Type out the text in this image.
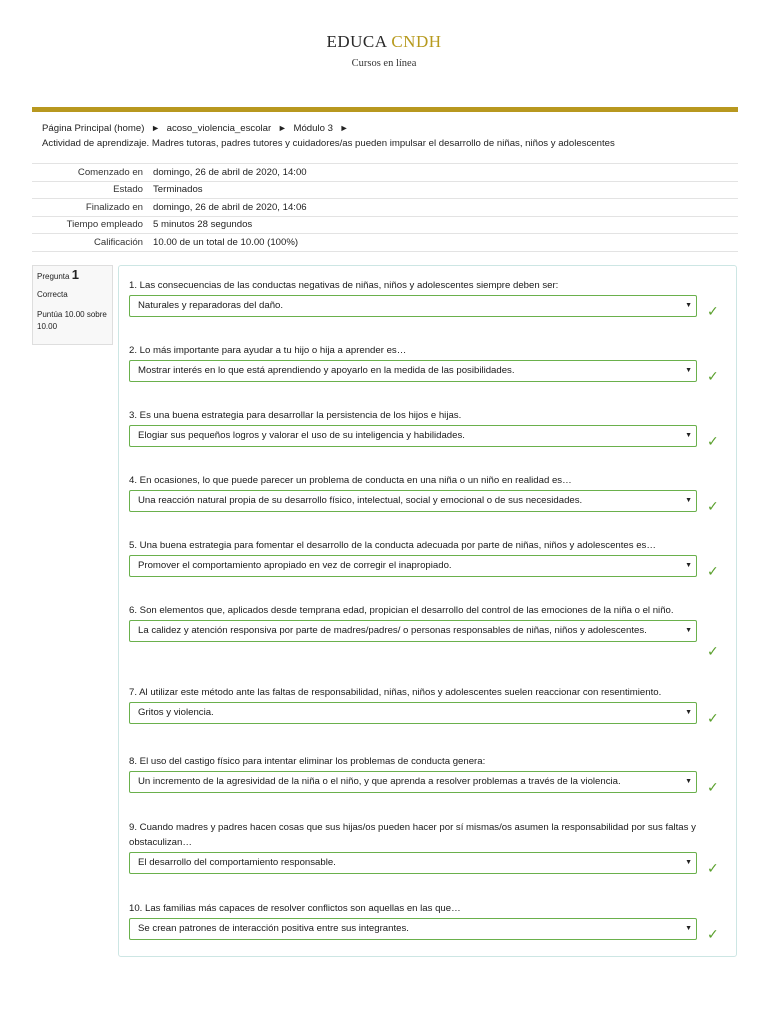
EDUCA CNDH
Cursos en línea
Página Principal (home) ► acoso_violencia_escolar ► Módulo 3 ►
Actividad de aprendizaje. Madres tutoras, padres tutores y cuidadores/as pueden impulsar el desarrollo de niñas, niños y adolescentes
Comenzado en	domingo, 26 de abril de 2020, 14:00
Estado	Terminados
Finalizado en	domingo, 26 de abril de 2020, 14:06
Tiempo empleado	5 minutos 28 segundos
Calificación	10.00 de un total de 10.00 (100%)
Pregunta 1
Correcta
Puntúa 10.00 sobre 10.00
1. Las consecuencias de las conductas negativas de niñas, niños y adolescentes siempre deben ser:
Naturales y reparadoras del daño.	▼ ✓
2. Lo más importante para ayudar a tu hijo o hija a aprender es…
Mostrar interés en lo que está aprendiendo y apoyarlo en la medida de las posibilidades.	▼ ✓
3. Es una buena estrategia para desarrollar la persistencia de los hijos e hijas.
Elogiar sus pequeños logros y valorar el uso de su inteligencia y habilidades.	▼ ✓
4. En ocasiones, lo que puede parecer un problema de conducta en una niña o un niño en realidad es…
Una reacción natural propia de su desarrollo físico, intelectual, social y emocional o de sus necesidades.	▼ ✓
5. Una buena estrategia para fomentar el desarrollo de la conducta adecuada por parte de niñas, niños y adolescentes es…
Promover el comportamiento apropiado en vez de corregir el inapropiado.	▼ ✓
6. Son elementos que, aplicados desde temprana edad, propician el desarrollo del control de las emociones de la niña o el niño.
La calidez y atención responsiva por parte de madres/padres/ o personas responsables de niñas, niños y adolescentes.	▼
✓
7. Al utilizar este método ante las faltas de responsabilidad, niñas, niños y adolescentes suelen reaccionar con resentimiento.
Gritos y violencia.	▼ ✓
8. El uso del castigo físico para intentar eliminar los problemas de conducta genera:
Un incremento de la agresividad de la niña o el niño, y que aprenda a resolver problemas a través de la violencia.	▼ ✓
9. Cuando madres y padres hacen cosas que sus hijas/os pueden hacer por sí mismas/os asumen la responsabilidad por sus faltas y obstaculizan…
El desarrollo del comportamiento responsable.	▼ ✓
10. Las familias más capaces de resolver conflictos son aquellas en las que…
Se crean patrones de interacción positiva entre sus integrantes.	▼ ✓
